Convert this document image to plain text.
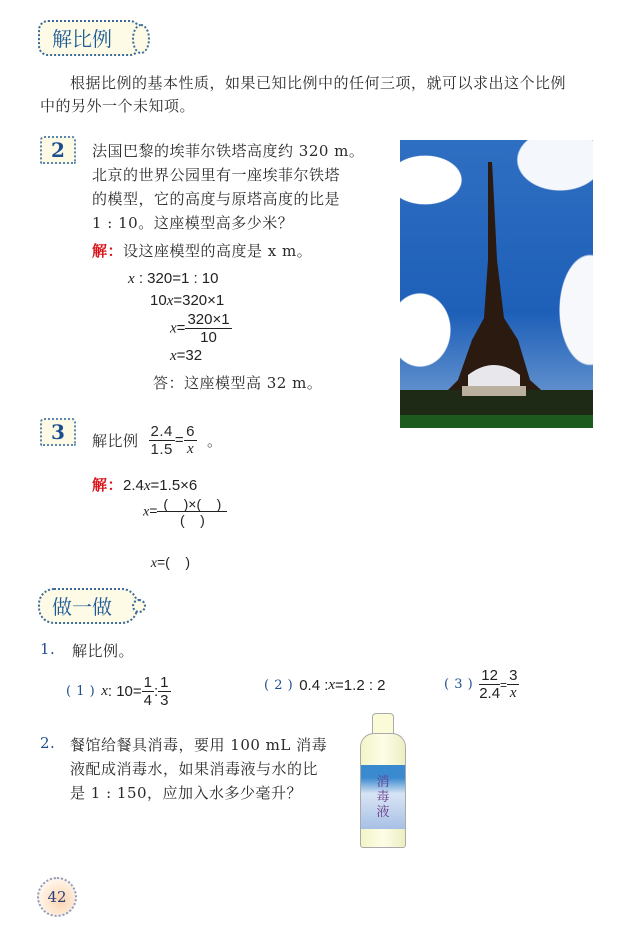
解比例
根据比例的基本性质，如果已知比例中的任何三项，就可以求出这个比例
中的另外一个未知项。
2	法国巴黎的埃菲尔铁塔高度约 320 m。
北京的世界公园里有一座埃菲尔铁塔
的模型，它的高度与原塔高度的比是
1 : 10。这座模型高多少米？
解：设这座模型的高度是 x m。
x : 320=1 : 10
10x=320×1
$x= \frac{320\times 1}{10}$
x=32
答：这座模型高 32 m。
3	解比例 $\frac{2.4}{1.5} = \frac{6}{x}$ 。
解：2.4x=1.5×6
$x= \frac{( )\times( )}{( )}$

x=(    )

做一做
1. 解比例。
( 1 ) x : $10= \frac{1}{4}$ : $\frac{1}{3}$	( 2 ) 0.4 : x =1.2 : 2	( 3 ) $\frac{12}{2.4} = \frac{3}{x}$
2. 餐馆给餐具消毒，要用 100 mL 消毒
液配成消毒水，如果消毒液与水的比
是 1 : 150，应加入水多少毫升？
消
毒
液
42
